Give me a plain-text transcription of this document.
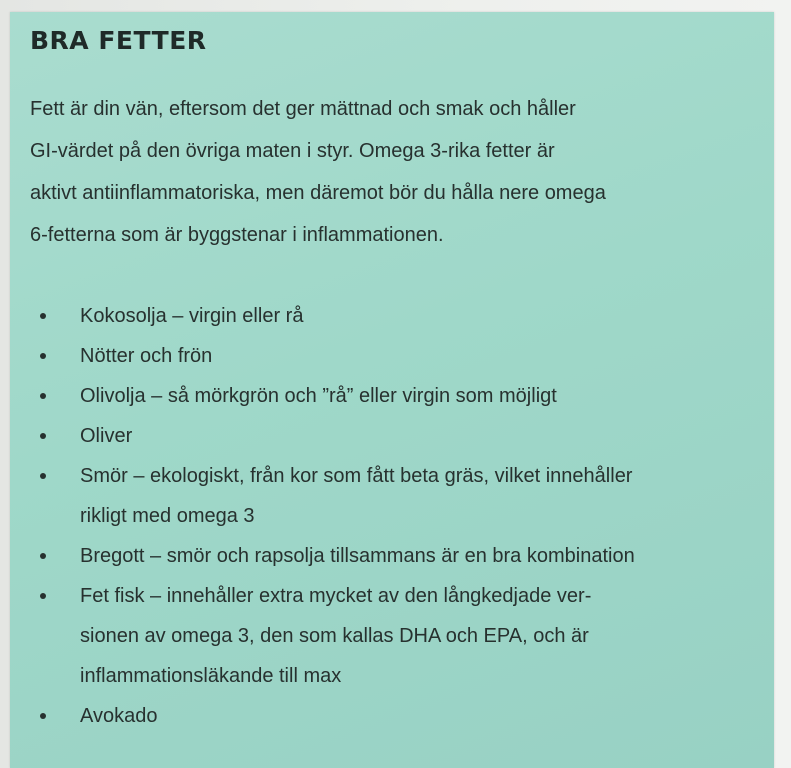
BRA FETTER

Fett är din vän, eftersom det ger mättnad och smak och håller
GI-värdet på den övriga maten i styr. Omega 3-rika fetter är
aktivt antiinflammatoriska, men däremot bör du hålla nere omega
6-fetterna som är byggstenar i inflammationen.

Kokosolja – virgin eller rå
Nötter och frön
Olivolja – så mörkgrön och ”rå” eller virgin som möjligt
Oliver
Smör – ekologiskt, från kor som fått beta gräs, vilket innehåller
rikligt med omega 3
Bregott – smör och rapsolja tillsammans är en bra kombination
Fet fisk – innehåller extra mycket av den långkedjade ver-
sionen av omega 3, den som kallas DHA och EPA, och är
inflammationsläkande till max
Avokado
